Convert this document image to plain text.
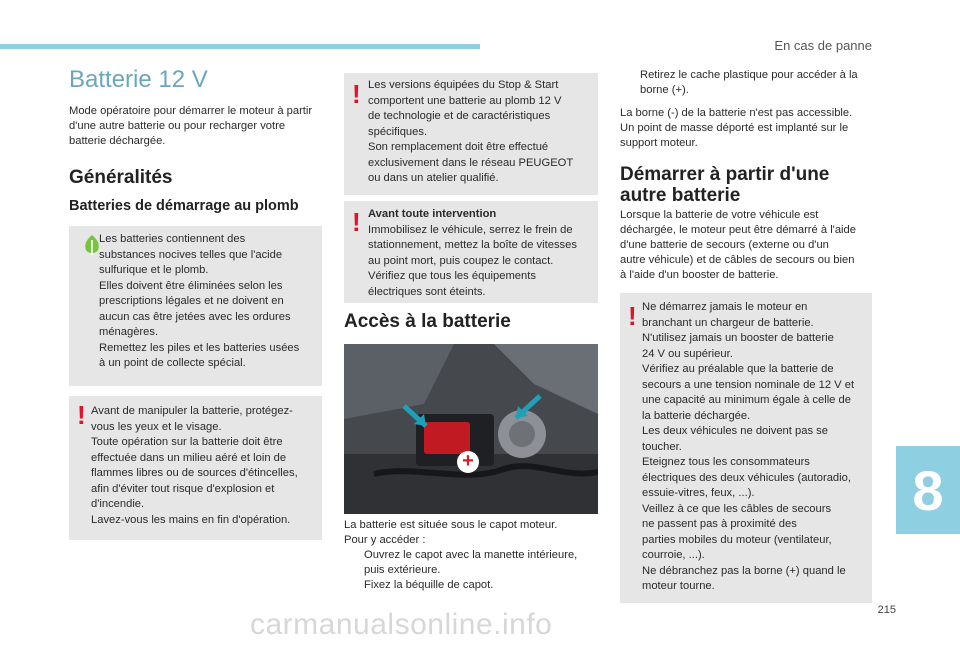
En cas de panne
8
215
carmanualsonline.info
Batterie 12 V

Mode opératoire pour démarrer le moteur à partir d'une autre batterie ou pour recharger votre batterie déchargée.

Généralités
Batteries de démarrage au plomb

Les batteries contiennent des

substances nocives telles que l'acide

sulfurique et le plomb.

Elles doivent être éliminées selon les

prescriptions légales et ne doivent en

aucun cas être jetées avec les ordures

ménagères.

Remettez les piles et les batteries usées

à un point de collecte spécial.

! Avant de manipuler la batterie, protégez-

vous les yeux et le visage.

Toute opération sur la batterie doit être

effectuée dans un milieu aéré et loin de

flammes libres ou de sources d'étincelles,

afin d'éviter tout risque d'explosion et

d'incendie.

Lavez-vous les mains en fin d'opération.

! Les versions équipées du Stop & Start

comportent une batterie au plomb 12 V

de technologie et de caractéristiques

spécifiques.

Son remplacement doit être effectué

exclusivement dans le réseau PEUGEOT

ou dans un atelier qualifié.

! Avant toute intervention

Immobilisez le véhicule, serrez le frein de

stationnement, mettez la boîte de vitesses

au point mort, puis coupez le contact.

Vérifiez que tous les équipements

électriques sont éteints.

Accès à la batterie
+

La batterie est située sous le capot moteur.

Pour y accéder :

Ouvrez le capot avec la manette intérieure,

puis extérieure.

Fixez la béquille de capot.

Retirez le cache plastique pour accéder à la

borne (+).

La borne (-) de la batterie n'est pas accessible.

Un point de masse déporté est implanté sur le

support moteur.

Démarrer à partir d'une
autre batterie

Lorsque la batterie de votre véhicule est

déchargée, le moteur peut être démarré à l'aide

d'une batterie de secours (externe ou d'un

autre véhicule) et de câbles de secours ou bien

à l'aide d'un booster de batterie.

! Ne démarrez jamais le moteur en

branchant un chargeur de batterie.

N'utilisez jamais un booster de batterie

24 V ou supérieur.

Vérifiez au préalable que la batterie de

secours a une tension nominale de 12 V et

une capacité au minimum égale à celle de

la batterie déchargée.

Les deux véhicules ne doivent pas se

toucher.

Eteignez tous les consommateurs

électriques des deux véhicules (autoradio,

essuie-vitres, feux, ...).

Veillez à ce que les câbles de secours

ne passent pas à proximité des

parties mobiles du moteur (ventilateur,

courroie, ...).

Ne débranchez pas la borne (+) quand le

moteur tourne.
